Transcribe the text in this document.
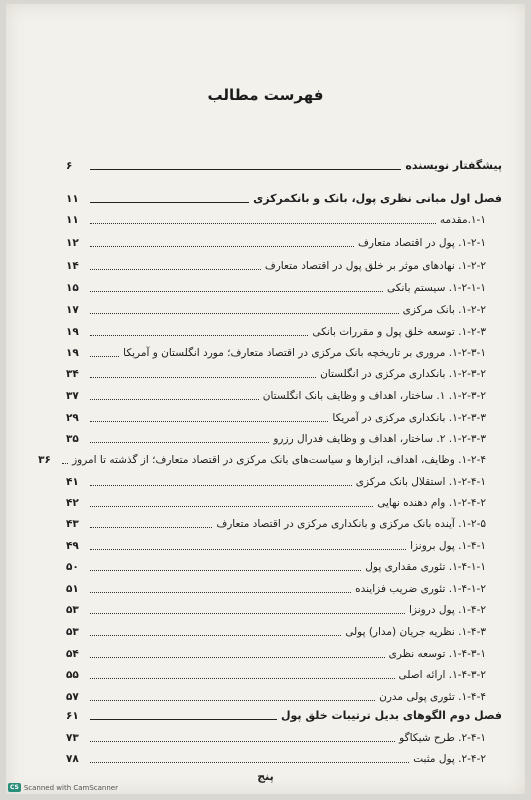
فهرست مطالب
پیشگفتار نویسنده
۶
فصل اول مبانی نظری پول، بانک و بانکمرکزی
۱۱
۱-۱.مقدمه
۱۱
۱-۲-۱. پول در اقتصاد متعارف
۱۲
۱-۲-۲. نهادهای موثر بر خلق پول در اقتصاد متعارف
۱۴
۱-۲-۱-۱. سیستم بانکی
۱۵
۱-۲-۲. بانک مرکزی
۱۷
۱-۲-۳. توسعه خلق پول و مقررات بانکی
۱۹
۱-۲-۳-۱. مروری بر تاریخچه بانک مرکزی در اقتصاد متعارف؛ مورد انگلستان و آمریکا
۱۹
۱-۲-۳-۲. بانکداری مرکزی در انگلستان
۳۴
۱-۲-۳-۲. ۱. ساختار، اهداف و وظایف بانک انگلستان
۳۷
۱-۲-۳-۳. بانکداری مرکزی در آمریکا
۲۹
۱-۲-۳-۳. ۲. ساختار، اهداف و وظایف فدرال رزرو
۳۵
۱-۲-۴. وظایف، اهداف، ابزارها و سیاست‌های بانک مرکزی در اقتصاد متعارف؛ از گذشته تا امروز
۳۶
۱-۲-۴-۱. استقلال بانک مرکزی
۴۱
۱-۲-۴-۲. وام دهنده نهایی
۴۲
۱-۲-۵. آینده بانک مرکزی و بانکداری مرکزی در اقتصاد متعارف
۴۳
۱-۴-۱. پول برونزا
۴۹
۱-۴-۱-۱. تئوری مقداری پول
۵۰
۱-۴-۱-۲. تئوری ضریب فزاینده
۵۱
۱-۴-۲. پول درونزا
۵۳
۱-۴-۳. نظریه جریان (مدار) پولی
۵۳
۱-۴-۳-۱. توسعه نظری
۵۴
۱-۴-۳-۲. ارائه اصلی
۵۵
۱-۴-۴. تئوری پولی مدرن
۵۷
فصل دوم الگوهای بدیل ترتیبات خلق پول
۶۱
۲-۴-۱. طرح شیکاگو
۷۳
۲-۴-۲. پول مثبت
۷۸
پنج
CS Scanned with CamScanner
